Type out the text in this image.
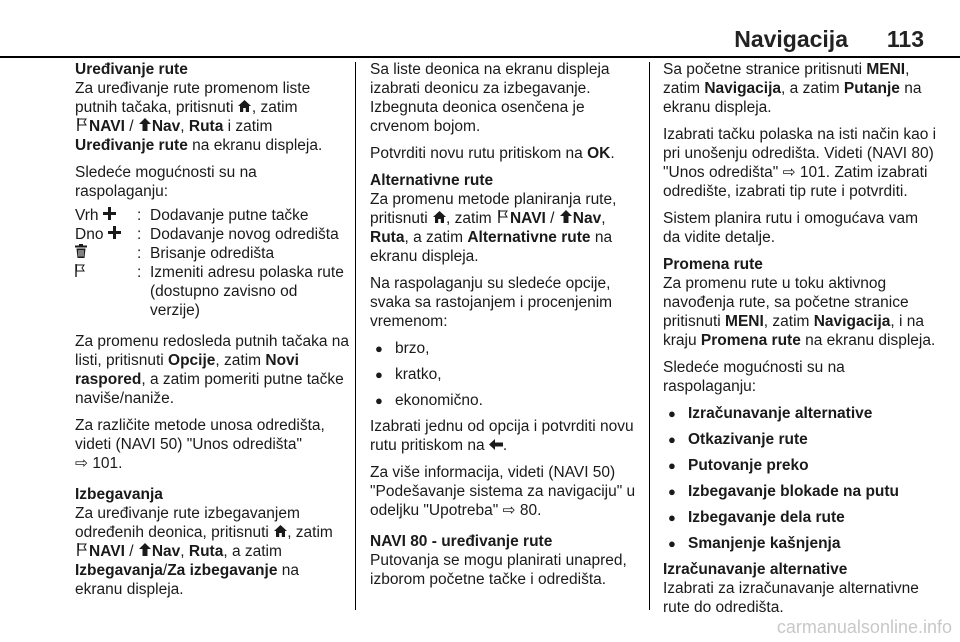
Navigacija 113

Uređivanje rute
Za uređivanje rute promenom liste putnih tačaka, pritisnuti , zatim
NAVI / Nav, Ruta i zatim
Uređivanje rute na ekranu displeja.

Sledeće mogućnosti su na raspolaganju:

Vrh	:	Dodavanje putne tačke
Dno	:	Dodavanje novog odredišta
	:	Brisanje odredišta
	:	Izmeniti adresu polaska rute (dostupno zavisno od verzije)

Za promenu redosleda putnih tačaka na listi, pritisnuti Opcije, zatim Novi raspored, a zatim pomeriti putne tačke naviše/naniže.

Za različite metode unosa odredišta, videti (NAVI 50) "Unos odredišta"
⇨ 101.

Izbegavanja
Za uređivanje rute izbegavanjem određenih deonica, pritisnuti , zatim
NAVI / Nav, Ruta, a zatim
Izbegavanja/Za izbegavanje na ekranu displeja.

Sa liste deonica na ekranu displeja izabrati deonicu za izbegavanje. Izbegnuta deonica osenčena je crvenom bojom.

Potvrditi novu rutu pritiskom na OK.

Alternativne rute
Za promenu metode planiranja rute, pritisnuti , zatim NAVI / Nav,
Ruta, a zatim Alternativne rute na ekranu displeja.

Na raspolaganju su sledeće opcije, svaka sa rastojanjem i procenjenim vremenom:

● brzo,
● kratko,
● ekonomično.

Izabrati jednu od opcija i potvrditi novu rutu pritiskom na .

Za više informacija, videti (NAVI 50) "Podešavanje sistema za navigaciju" u odeljku "Upotreba" ⇨ 80.

NAVI 80 - uređivanje rute
Putovanja se mogu planirati unapred, izborom početne tačke i odredišta.

Sa početne stranice pritisnuti MENI, zatim Navigacija, a zatim Putanje na ekranu displeja.

Izabrati tačku polaska na isti način kao i pri unošenju odredišta. Videti (NAVI 80) "Unos odredišta" ⇨ 101. Zatim izabrati odredište, izabrati tip rute i potvrditi.

Sistem planira rutu i omogućava vam da vidite detalje.

Promena rute
Za promenu rute u toku aktivnog navođenja rute, sa početne stranice pritisnuti MENI, zatim Navigacija, i na kraju Promena rute na ekranu displeja.

Sledeće mogućnosti su na raspolaganju:

● Izračunavanje alternative
● Otkazivanje rute
● Putovanje preko
● Izbegavanje blokade na putu
● Izbegavanje dela rute
● Smanjenje kašnjenja

Izračunavanje alternative
Izabrati za izračunavanje alternativne rute do odredišta.

carmanualsonline.info
